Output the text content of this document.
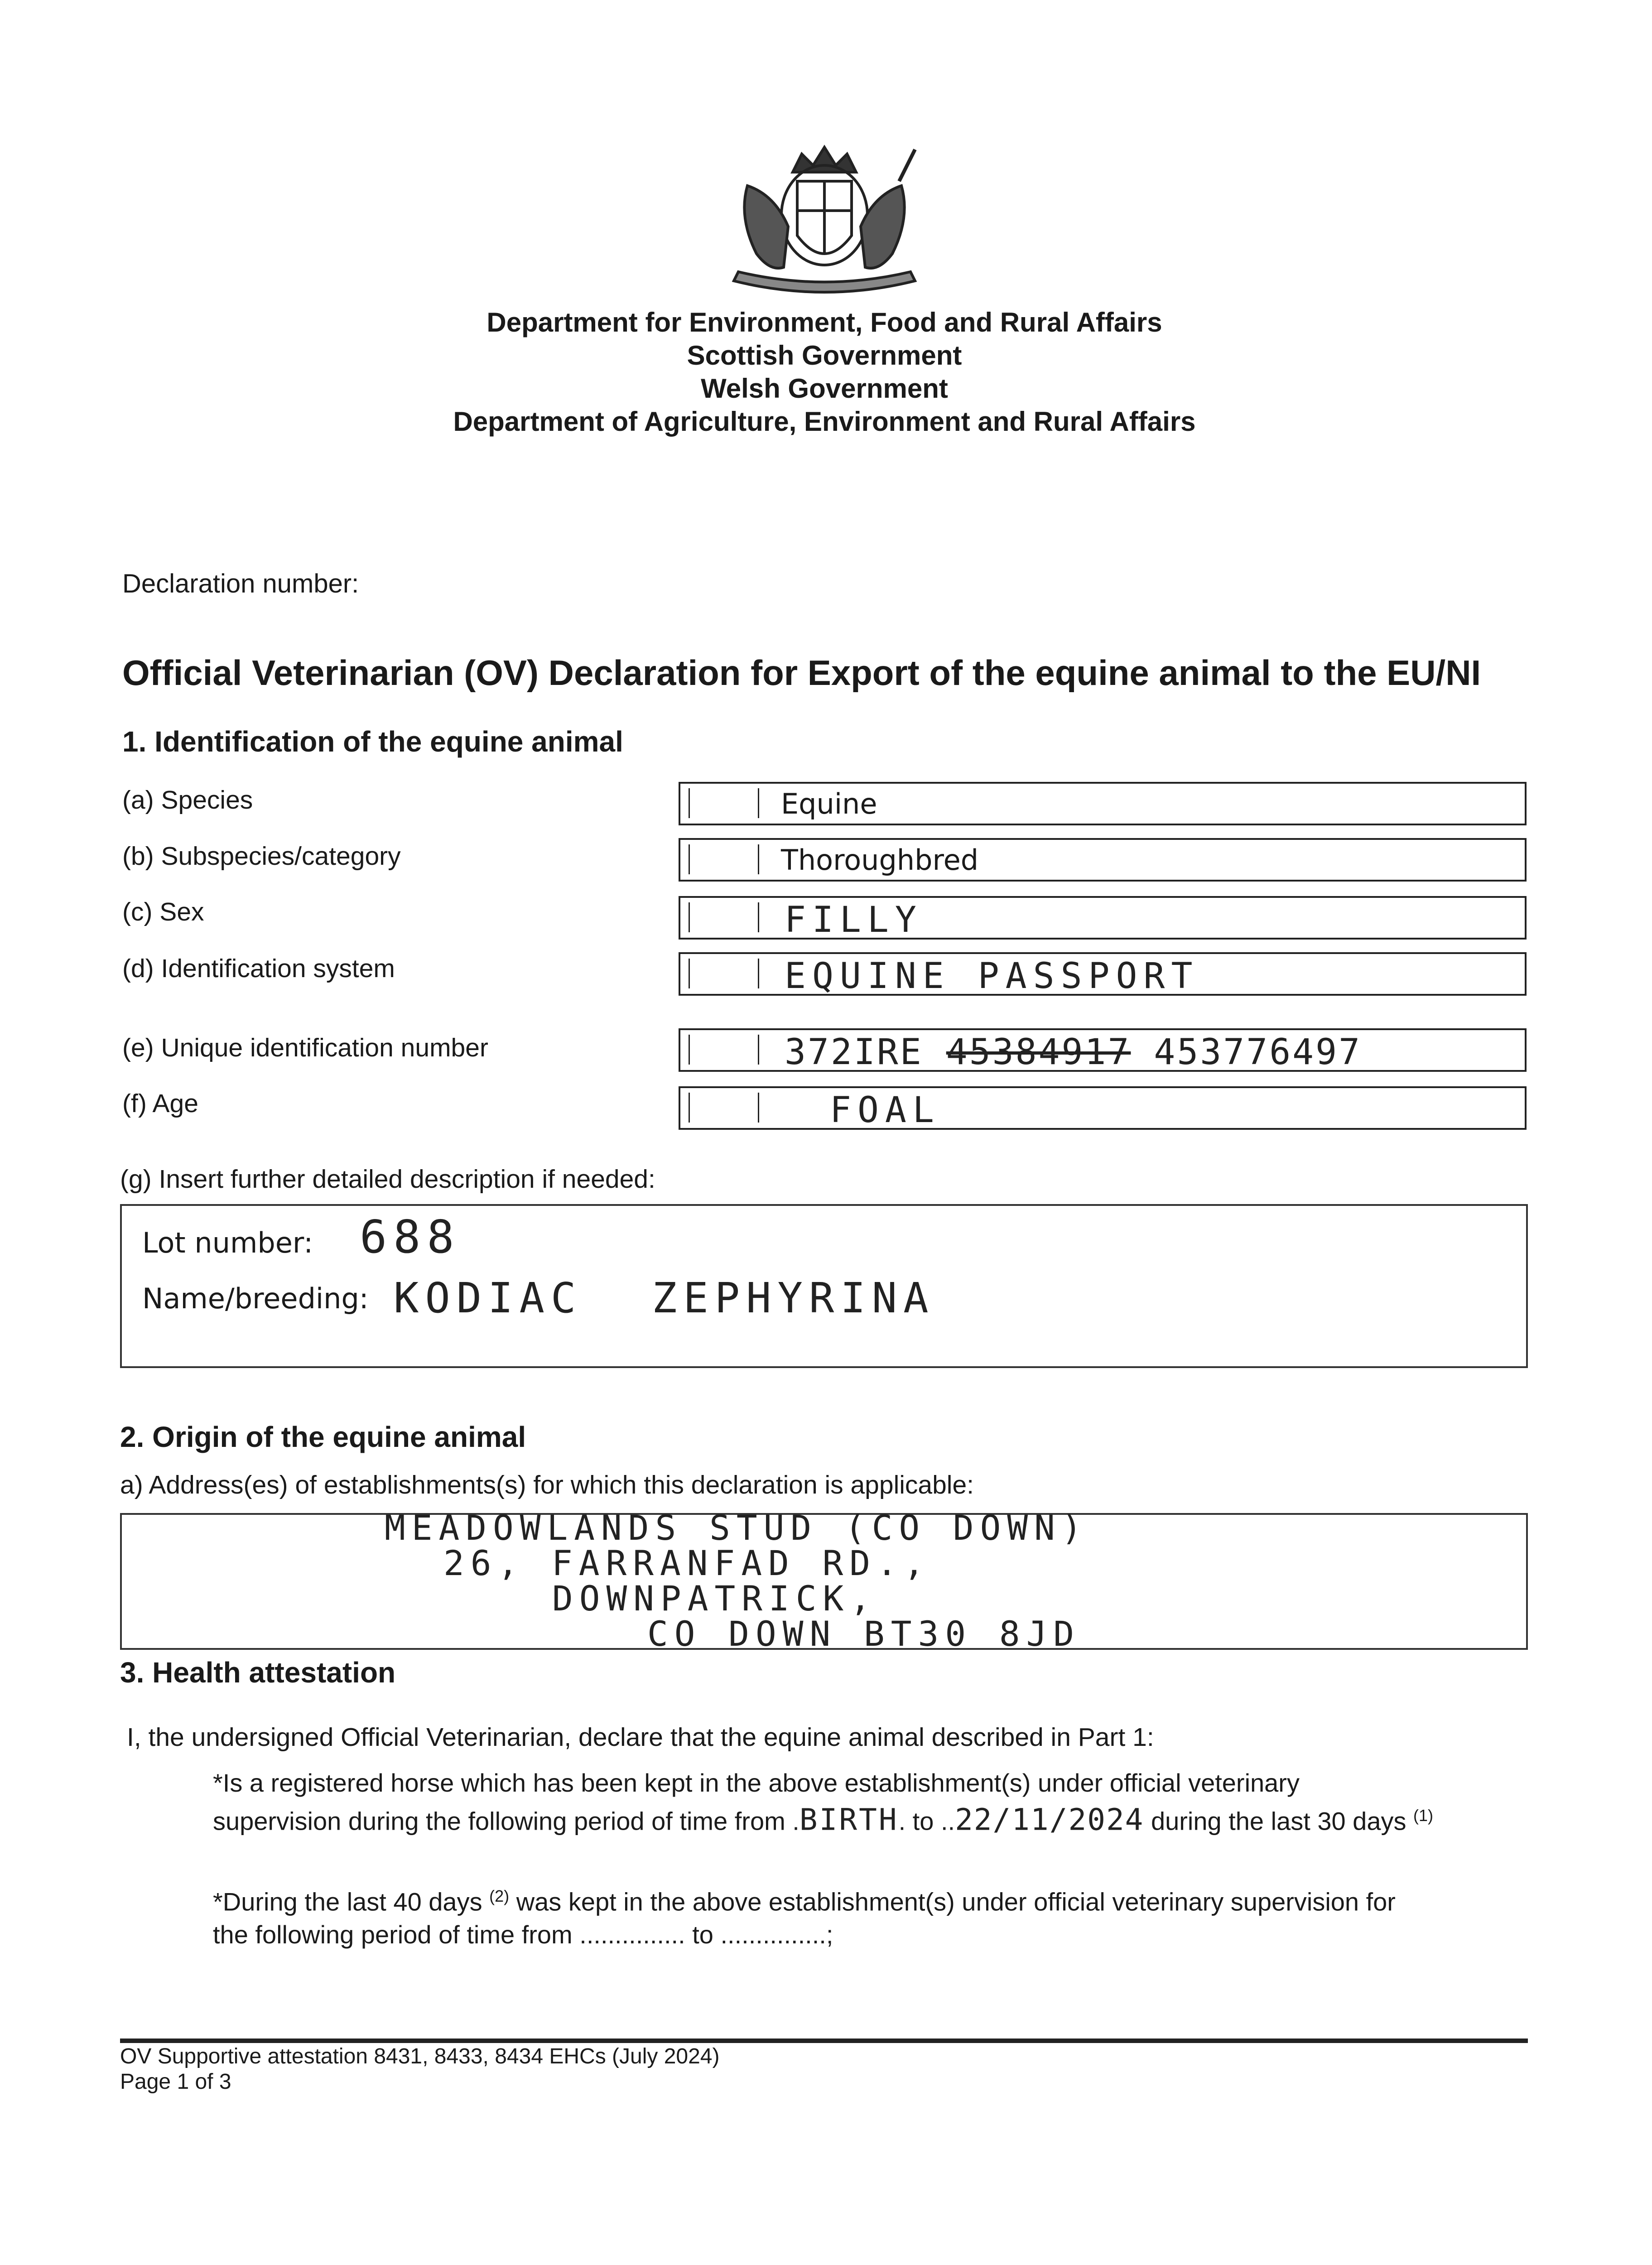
Department for Environment, Food and Rural Affairs
Scottish Government
Welsh Government
Department of Agriculture, Environment and Rural Affairs
Declaration number:
Official Veterinarian (OV) Declaration for Export of the equine animal to the EU/NI
1. Identification of the equine animal
(a) Species	Equine
(b) Subspecies/category	Thoroughbred
(c) Sex	FILLY
(d) Identification system	EQUINE PASSPORT
(e) Unique identification number	372IRE 45384917 453776497
(f) Age	FOAL
(g) Insert further detailed description if needed:
Lot number: 688
Name/breeding: KODIAC ZEPHYRINA
2. Origin of the equine animal
a) Address(es) of establishments(s) for which this declaration is applicable:
MEADOWLANDS STUD (CO DOWN)
26, FARRANFAD RD.,
DOWNPATRICK,
CO DOWN BT30 8JD
3. Health attestation
I, the undersigned Official Veterinarian, declare that the equine animal described in Part 1:
*Is a registered horse which has been kept in the above establishment(s) under official veterinary
supervision during the following period of time from .BIRTH. to ..22/11/2024 during the last 30 days $^{(1)}$
*During the last 40 days $^{(2)}$ was kept in the above establishment(s) under official veterinary supervision for
the following period of time from ............... to ...............;
OV Supportive attestation 8431, 8433, 8434 EHCs (July 2024)
Page 1 of 3
